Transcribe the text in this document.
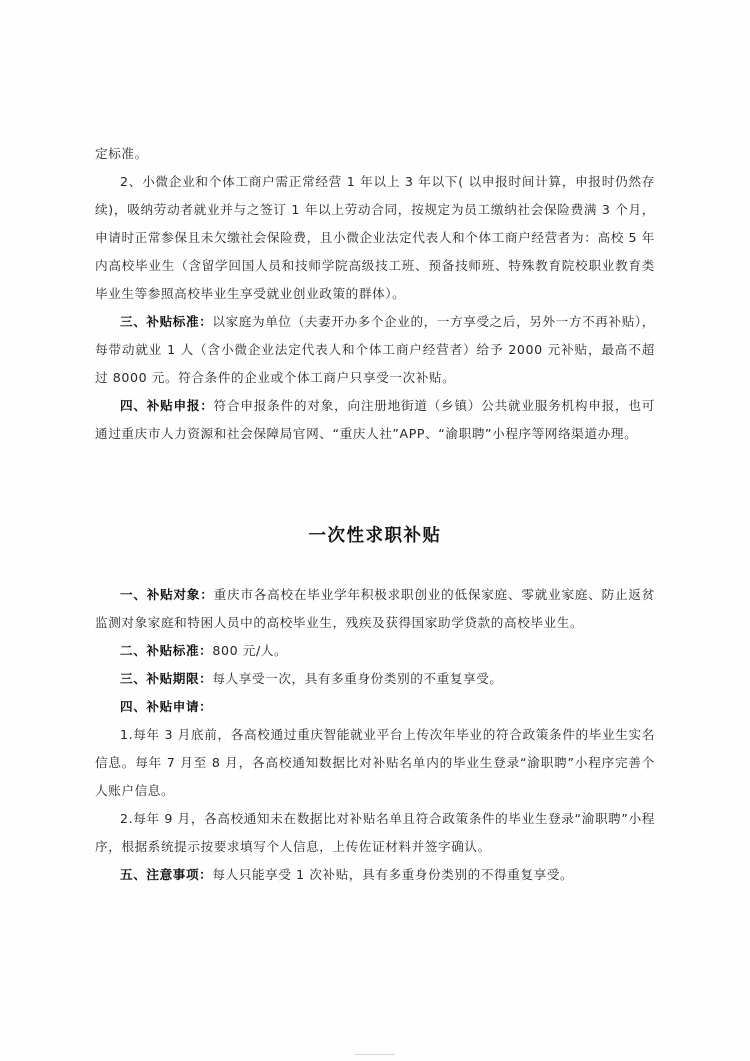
定标准。

2、小微企业和个体工商户需正常经营 1 年以上 3 年以下( 以申报时间计算，申报时仍然存续)，吸纳劳动者就业并与之签订 1 年以上劳动合同，按规定为员工缴纳社会保险费满 3 个月，申请时正常参保且未欠缴社会保险费，且小微企业法定代表人和个体工商户经营者为：高校 5 年内高校毕业生（含留学回国人员和技师学院高级技工班、预备技师班、特殊教育院校职业教育类毕业生等参照高校毕业生享受就业创业政策的群体）。

三、补贴标准：以家庭为单位（夫妻开办多个企业的，一方享受之后，另外一方不再补贴），每带动就业 1 人（含小微企业法定代表人和个体工商户经营者）给予 2000 元补贴，最高不超过 8000 元。符合条件的企业或个体工商户只享受一次补贴。

四、补贴申报：符合申报条件的对象，向注册地街道（乡镇）公共就业服务机构申报，也可通过重庆市人力资源和社会保障局官网、“重庆人社”APP、“渝职聘”小程序等网络渠道办理。

一次性求职补贴

一、补贴对象：重庆市各高校在毕业学年积极求职创业的低保家庭、零就业家庭、防止返贫监测对象家庭和特困人员中的高校毕业生，残疾及获得国家助学贷款的高校毕业生。

二、补贴标准：800 元/人。

三、补贴期限：每人享受一次，具有多重身份类别的不重复享受。

四、补贴申请：

1.每年 3 月底前，各高校通过重庆智能就业平台上传次年毕业的符合政策条件的毕业生实名信息。每年 7 月至 8 月，各高校通知数据比对补贴名单内的毕业生登录“渝职聘”小程序完善个人账户信息。

2.每年 9 月，各高校通知未在数据比对补贴名单且符合政策条件的毕业生登录“渝职聘”小程序，根据系统提示按要求填写个人信息，上传佐证材料并签字确认。

五、注意事项：每人只能享受 1 次补贴，具有多重身份类别的不得重复享受。
